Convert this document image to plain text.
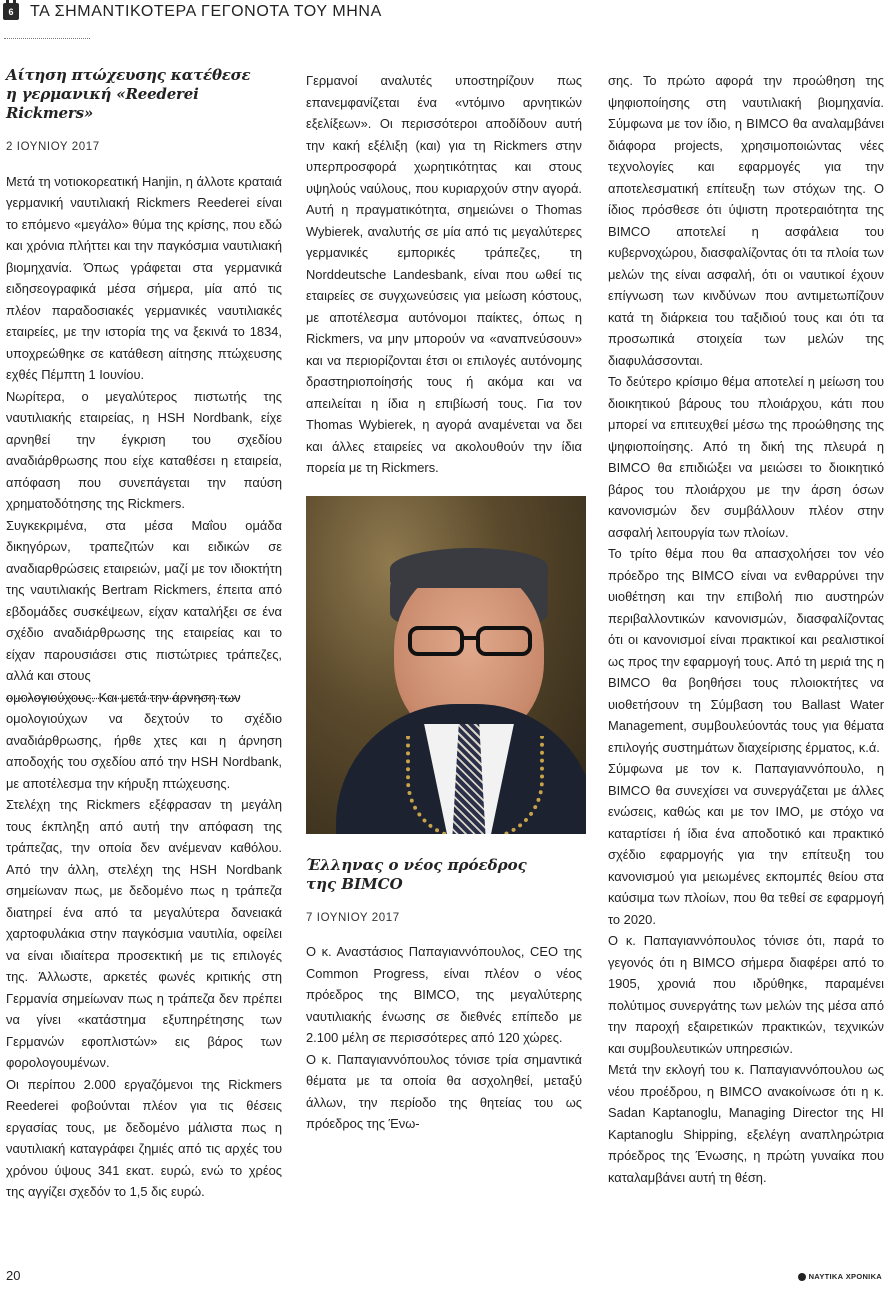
6	ΤΑ ΣΗΜΑΝΤΙΚΟΤΕΡΑ ΓΕΓΟΝΟΤΑ ΤΟΥ ΜΗΝΑ
Αίτηση πτώχευσης κατέθεσε
η γερμανική «Reederei Rickmers»
2 ΙΟΥΝΙΟΥ 2017

Μετά τη νοτιοκορεατική Hanjin, η άλλοτε κραταιά γερμανική ναυτιλιακή Rickmers Reederei είναι το επόμενο «μεγάλο» θύμα της κρίσης, που εδώ και χρόνια πλήττει και την παγκόσμια ναυτιλιακή βιομηχανία. Όπως γράφεται στα γερμανικά ειδησεογραφικά μέσα σήμερα, μία από τις πλέον παραδοσιακές γερμανικές ναυτιλιακές εταιρείες, με την ιστορία της να ξεκινά το 1834, υποχρεώθηκε σε κατάθεση αίτησης πτώχευσης εχθές Πέμπτη 1 Ιουνίου.

Νωρίτερα, ο μεγαλύτερος πιστωτής της ναυτιλιακής εταιρείας, η HSH Nordbank, είχε αρνηθεί την έγκριση του σχεδίου αναδιάρθρωσης που είχε καταθέσει η εταιρεία, απόφαση που συνεπάγεται την παύση χρηματοδότησης της Rickmers.

Συγκεκριμένα, στα μέσα Μαΐου ομάδα δικηγόρων, τραπεζιτών και ειδικών σε αναδιαρθρώσεις εταιρειών, μαζί με τον ιδιοκτήτη της ναυτιλιακής Bertram Rickmers, έπειτα από εβδομάδες συσκέψεων, είχαν καταλήξει σε ένα σχέδιο αναδιάρθρωσης της εταιρείας και το είχαν παρουσιάσει στις πιστώτριες τράπεζες, αλλά και στους

ομολογιούχους. Και μετά την άρνηση των

ομολογιούχων να δεχτούν το σχέδιο αναδιάρθρωσης, ήρθε χτες και η άρνηση αποδοχής του σχεδίου από την HSH Nordbank, με αποτέλεσμα την κήρυξη πτώχευσης.

Στελέχη της Rickmers εξέφρασαν τη μεγάλη τους έκπληξη από αυτή την απόφαση της τράπεζας, την οποία δεν ανέμεναν καθόλου. Από την άλλη, στελέχη της HSH Nordbank σημείωναν πως, με δεδομένο πως η τράπεζα διατηρεί ένα από τα μεγαλύτερα δανειακά χαρτοφυλάκια στην παγκόσμια ναυτιλία, οφείλει να είναι ιδιαίτερα προσεκτική με τις επιλογές της. Άλλωστε, αρκετές φωνές κριτικής στη Γερμανία σημείωναν πως η τράπεζα δεν πρέπει να γίνει «κατάστημα εξυπηρέτησης των Γερμανών εφοπλιστών» εις βάρος των φορολογουμένων.

Οι περίπου 2.000 εργαζόμενοι της Rickmers Reederei φοβούνται πλέον για τις θέσεις εργασίας τους, με δεδομένο μάλιστα πως η ναυτιλιακή καταγράφει ζημιές από τις αρχές του χρόνου ύψους 341 εκατ. ευρώ, ενώ το χρέος της αγγίζει σχεδόν το 1,5 δις ευρώ.

Γερμανοί αναλυτές υποστηρίζουν πως επανεμφανίζεται ένα «ντόμινο αρνητικών εξελίξεων». Οι περισσότεροι αποδίδουν αυτή την κακή εξέλιξη (και) για τη Rickmers στην υπερπροσφορά χωρητικότητας και στους υψηλούς ναύλους, που κυριαρχούν στην αγορά. Αυτή η πραγματικότητα, σημειώνει ο Thomas Wybierek, αναλυτής σε μία από τις μεγαλύτερες γερμανικές εμπορικές τράπεζες, τη Norddeutsche Landesbank, είναι που ωθεί τις εταιρείες σε συγχωνεύσεις για μείωση κόστους, με αποτέλεσμα αυτόνομοι παίκτες, όπως η Rickmers, να μην μπορούν να «αναπνεύσουν» και να περιορίζονται έτσι οι επιλογές αυτόνομης δραστηριοποίησής τους ή ακόμα και να απειλείται η ίδια η επιβίωσή τους. Για τον Thomas Wybierek, η αγορά αναμένεται να δει και άλλες εταιρείες να ακολουθούν την ίδια πορεία με τη Rickmers.

Έλληνας ο νέος πρόεδρος
της BIMCO
7 ΙΟΥΝΙΟΥ 2017

Ο κ. Αναστάσιος Παπαγιαννόπουλος, CEO της Common Progress, είναι πλέον ο νέος πρόεδρος της BIMCO, της μεγαλύτερης ναυτιλιακής ένωσης σε διεθνές επίπεδο με 2.100 μέλη σε περισσότερες από 120 χώρες.

Ο κ. Παπαγιαννόπουλος τόνισε τρία σημαντικά θέματα με τα οποία θα ασχοληθεί, μεταξύ άλλων, την περίοδο της θητείας του ως πρόεδρος της Ένω-

σης. Το πρώτο αφορά την προώθηση της ψηφιοποίησης στη ναυτιλιακή βιομηχανία. Σύμφωνα με τον ίδιο, η BIMCO θα αναλαμβάνει διάφορα projects, χρησιμοποιώντας νέες τεχνολογίες και εφαρμογές για την αποτελεσματική επίτευξη των στόχων της. Ο ίδιος πρόσθεσε ότι ύψιστη προτεραιότητα της BIMCO αποτελεί η ασφάλεια του κυβερνοχώρου, διασφαλίζοντας ότι τα πλοία των μελών της είναι ασφαλή, ότι οι ναυτικοί έχουν επίγνωση των κινδύνων που αντιμετωπίζουν κατά τη διάρκεια του ταξιδιού τους και ότι τα προσωπικά στοιχεία των μελών της διαφυλάσσονται.

Το δεύτερο κρίσιμο θέμα αποτελεί η μείωση του διοικητικού βάρους του πλοιάρχου, κάτι που μπορεί να επιτευχθεί μέσω της προώθησης της ψηφιοποίησης. Από τη δική της πλευρά η BIMCO θα επιδιώξει να μειώσει το διοικητικό βάρος του πλοιάρχου με την άρση όσων κανονισμών δεν συμβάλλουν πλέον στην ασφαλή λειτουργία των πλοίων.

Το τρίτο θέμα που θα απασχολήσει τον νέο πρόεδρο της BIMCO είναι να ενθαρρύνει την υιοθέτηση και την επιβολή πιο αυστηρών περιβαλλοντικών κανονισμών, διασφαλίζοντας ότι οι κανονισμοί είναι πρακτικοί και ρεαλιστικοί ως προς την εφαρμογή τους. Από τη μεριά της η BIMCO θα βοηθήσει τους πλοιοκτήτες να υιοθετήσουν τη Σύμβαση του Ballast Water Management, συμβουλεύοντάς τους για θέματα επιλογής συστημάτων διαχείρισης έρματος, κ.ά.

Σύμφωνα με τον κ. Παπαγιαννόπουλο, η BIMCO θα συνεχίσει να συνεργάζεται με άλλες ενώσεις, καθώς και με τον ΙΜΟ, με στόχο να καταρτίσει ή ίδια ένα αποδοτικό και πρακτικό σχέδιο εφαρμογής για την επίτευξη του κανονισμού για μειωμένες εκπομπές θείου στα καύσιμα των πλοίων, που θα τεθεί σε εφαρμογή το 2020.

Ο κ. Παπαγιαννόπουλος τόνισε ότι, παρά το γεγονός ότι η BIMCO σήμερα διαφέρει από το 1905, χρονιά που ιδρύθηκε, παραμένει πολύτιμος συνεργάτης των μελών της μέσα από την παροχή εξαιρετικών πρακτικών, τεχνικών και συμβουλευτικών υπηρεσιών.

Μετά την εκλογή του κ. Παπαγιαννόπουλου ως νέου προέδρου, η BIMCO ανακοίνωσε ότι η κ. Sadan Kaptanoglu, Managing Director της HI Kaptanoglu Shipping, εξελέγη αναπληρώτρια πρόεδρος της Ένωσης, η πρώτη γυναίκα που καταλαμβάνει αυτή τη θέση.

20	ΝΑΥΤΙΚΑ ΧΡΟΝΙΚΑ
